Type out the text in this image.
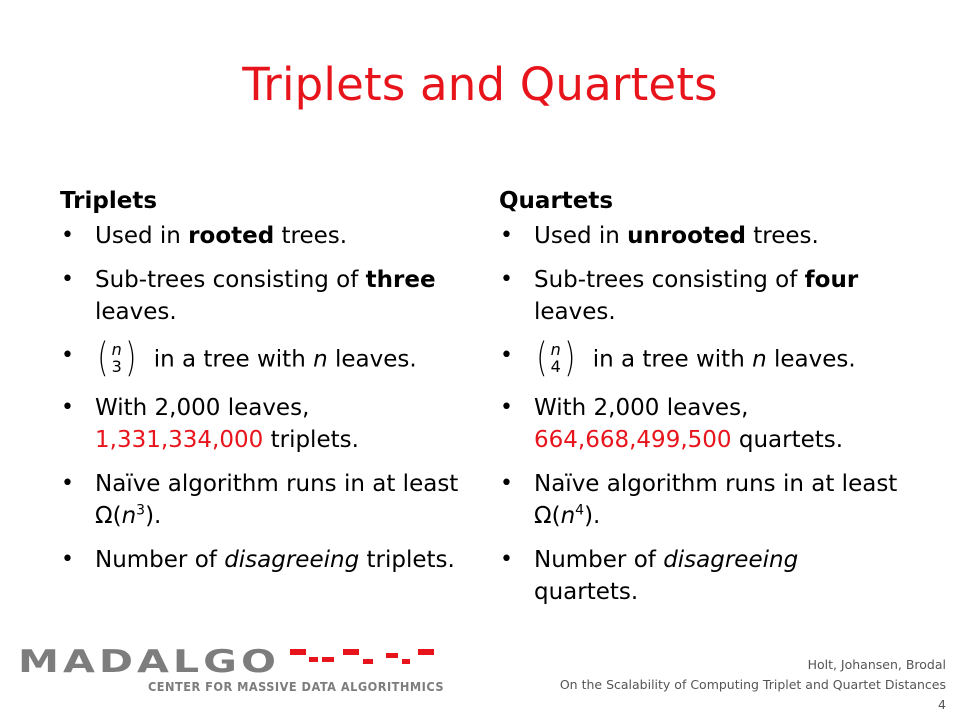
Triplets and Quartets
Triplets
• Used in rooted trees.
• Sub-trees consisting of three leaves.
• ( n
3 ) in a tree with n leaves.
• With 2,000 leaves, 1,331,334,000 triplets.
• Naïve algorithm runs in at least $\Omega(n^3)$.
• Number of disagreeing triplets.
Quartets
• Used in unrooted trees.
• Sub-trees consisting of four leaves.
• ( n
4 ) in a tree with n leaves.
• With 2,000 leaves, 664,668,499,500 quartets.
• Naïve algorithm runs in at least $\Omega(n^4)$.
• Number of disagreeing quartets.
MADALGO
CENTER FOR MASSIVE DATA ALGORITHMICS
Holt, Johansen, Brodal
On the Scalability of Computing Triplet and Quartet Distances
4
